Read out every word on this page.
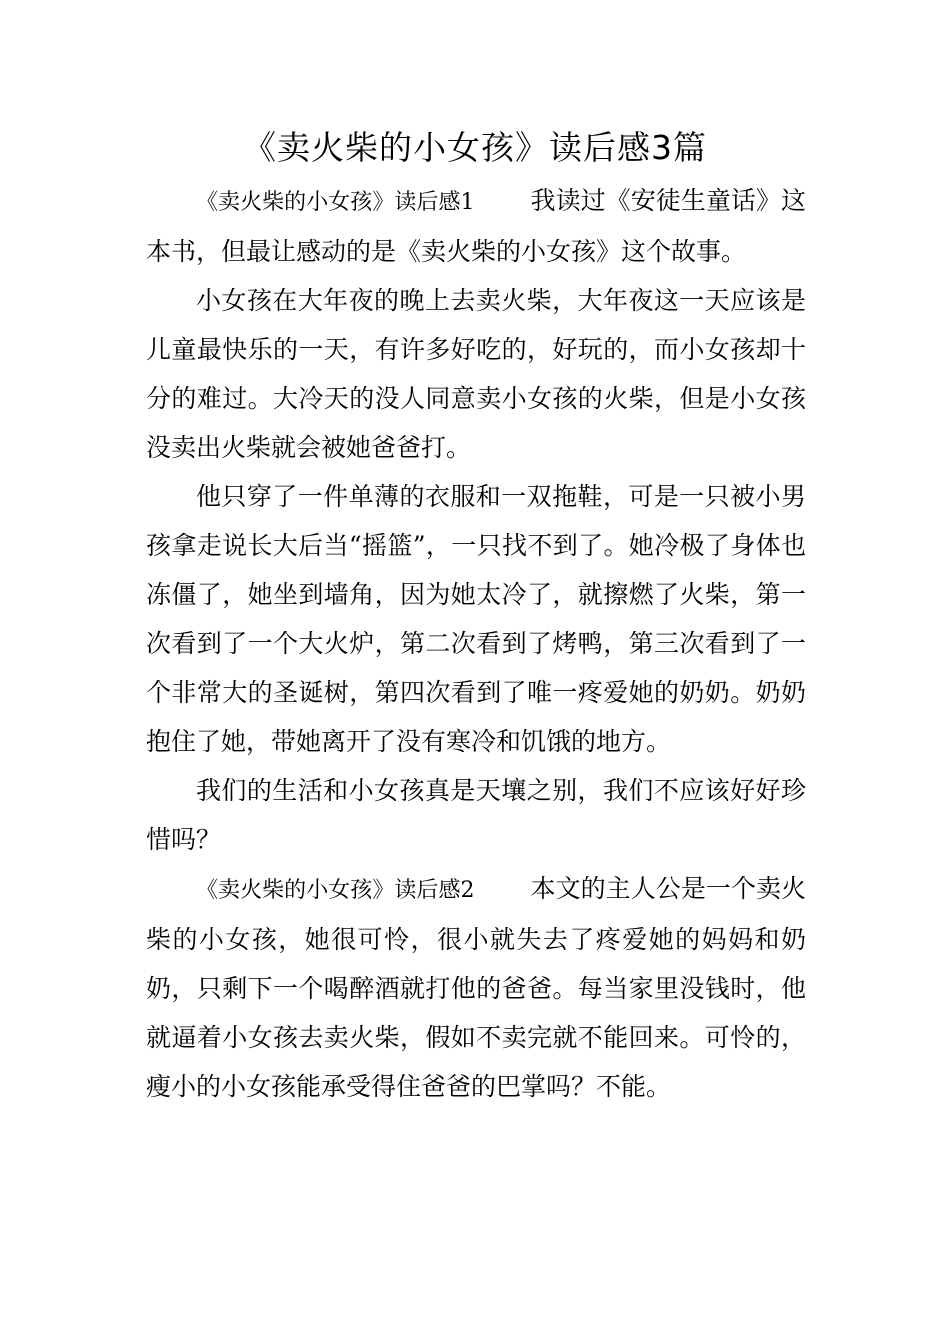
《卖火柴的小女孩》读后感3篇

《卖火柴的小女孩》读后感1 我读过《安徒生童话》这本书，但最让感动的是《卖火柴的小女孩》这个故事。

小女孩在大年夜的晚上去卖火柴，大年夜这一天应该是儿童最快乐的一天，有许多好吃的，好玩的，而小女孩却十分的难过。大冷天的没人同意卖小女孩的火柴，但是小女孩没卖出火柴就会被她爸爸打。

他只穿了一件单薄的衣服和一双拖鞋，可是一只被小男孩拿走说长大后当“摇篮”，一只找不到了。她冷极了身体也冻僵了，她坐到墙角，因为她太冷了，就擦燃了火柴，第一次看到了一个大火炉，第二次看到了烤鸭，第三次看到了一个非常大的圣诞树，第四次看到了唯一疼爱她的奶奶。奶奶抱住了她，带她离开了没有寒冷和饥饿的地方。

我们的生活和小女孩真是天壤之别，我们不应该好好珍惜吗？

《卖火柴的小女孩》读后感2 本文的主人公是一个卖火柴的小女孩，她很可怜，很小就失去了疼爱她的妈妈和奶奶，只剩下一个喝醉酒就打他的爸爸。每当家里没钱时，他就逼着小女孩去卖火柴，假如不卖完就不能回来。可怜的，瘦小的小女孩能承受得住爸爸的巴掌吗？不能。
